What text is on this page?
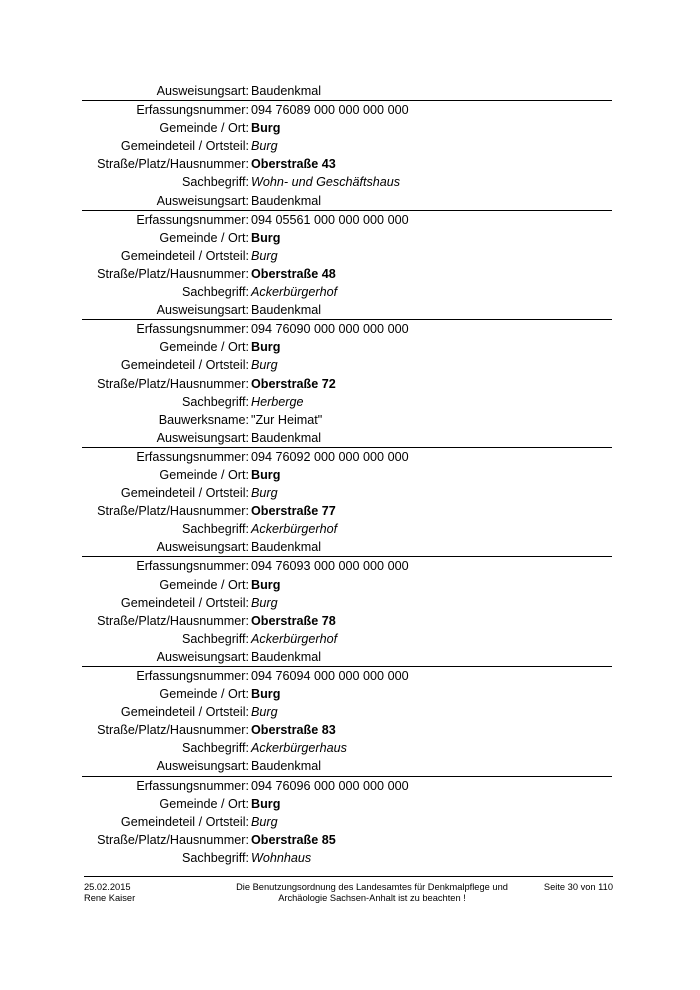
Ausweisungsart: Baudenkmal
Erfassungsnummer: 094 76089 000 000 000 000
Gemeinde / Ort: Burg
Gemeindeteil / Ortsteil: Burg
Straße/Platz/Hausnummer: Oberstraße 43
Sachbegriff: Wohn- und Geschäftshaus
Ausweisungsart: Baudenkmal
Erfassungsnummer: 094 05561 000 000 000 000
Gemeinde / Ort: Burg
Gemeindeteil / Ortsteil: Burg
Straße/Platz/Hausnummer: Oberstraße 48
Sachbegriff: Ackerbürgerhof
Ausweisungsart: Baudenkmal
Erfassungsnummer: 094 76090 000 000 000 000
Gemeinde / Ort: Burg
Gemeindeteil / Ortsteil: Burg
Straße/Platz/Hausnummer: Oberstraße 72
Sachbegriff: Herberge
Bauwerksname: "Zur Heimat"
Ausweisungsart: Baudenkmal
Erfassungsnummer: 094 76092 000 000 000 000
Gemeinde / Ort: Burg
Gemeindeteil / Ortsteil: Burg
Straße/Platz/Hausnummer: Oberstraße 77
Sachbegriff: Ackerbürgerhof
Ausweisungsart: Baudenkmal
Erfassungsnummer: 094 76093 000 000 000 000
Gemeinde / Ort: Burg
Gemeindeteil / Ortsteil: Burg
Straße/Platz/Hausnummer: Oberstraße 78
Sachbegriff: Ackerbürgerhof
Ausweisungsart: Baudenkmal
Erfassungsnummer: 094 76094 000 000 000 000
Gemeinde / Ort: Burg
Gemeindeteil / Ortsteil: Burg
Straße/Platz/Hausnummer: Oberstraße 83
Sachbegriff: Ackerbürgerhaus
Ausweisungsart: Baudenkmal
Erfassungsnummer: 094 76096 000 000 000 000
Gemeinde / Ort: Burg
Gemeindeteil / Ortsteil: Burg
Straße/Platz/Hausnummer: Oberstraße 85
Sachbegriff: Wohnhaus
25.02.2015
Rene Kaiser
Die Benutzungsordnung des Landesamtes für Denkmalpflege und
Archäologie Sachsen-Anhalt ist zu beachten !
Seite 30 von 110
